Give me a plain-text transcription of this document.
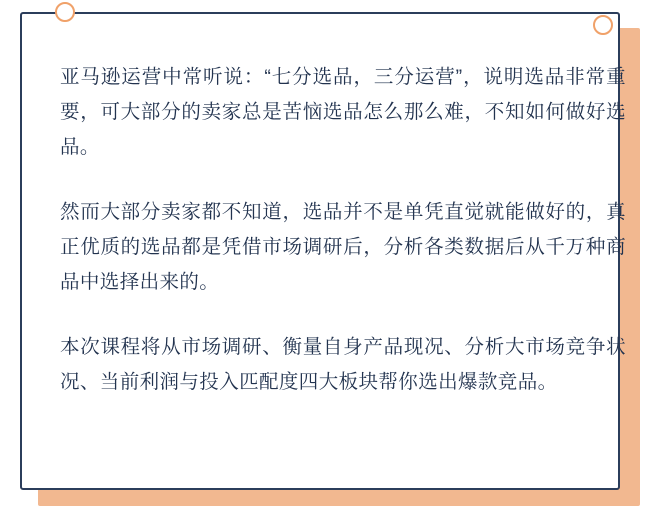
亚马逊运营中常听说：“七分选品，三分运营”，说明选品非常重要，可大部分的卖家总是苦恼选品怎么那么难，不知如何做好选品。

然而大部分卖家都不知道，选品并不是单凭直觉就能做好的，真正优质的选品都是凭借市场调研后，分析各类数据后从千万种商品中选择出来的。

本次课程将从市场调研、衡量自身产品现况、分析大市场竞争状况、当前利润与投入匹配度四大板块帮你选出爆款竞品。
